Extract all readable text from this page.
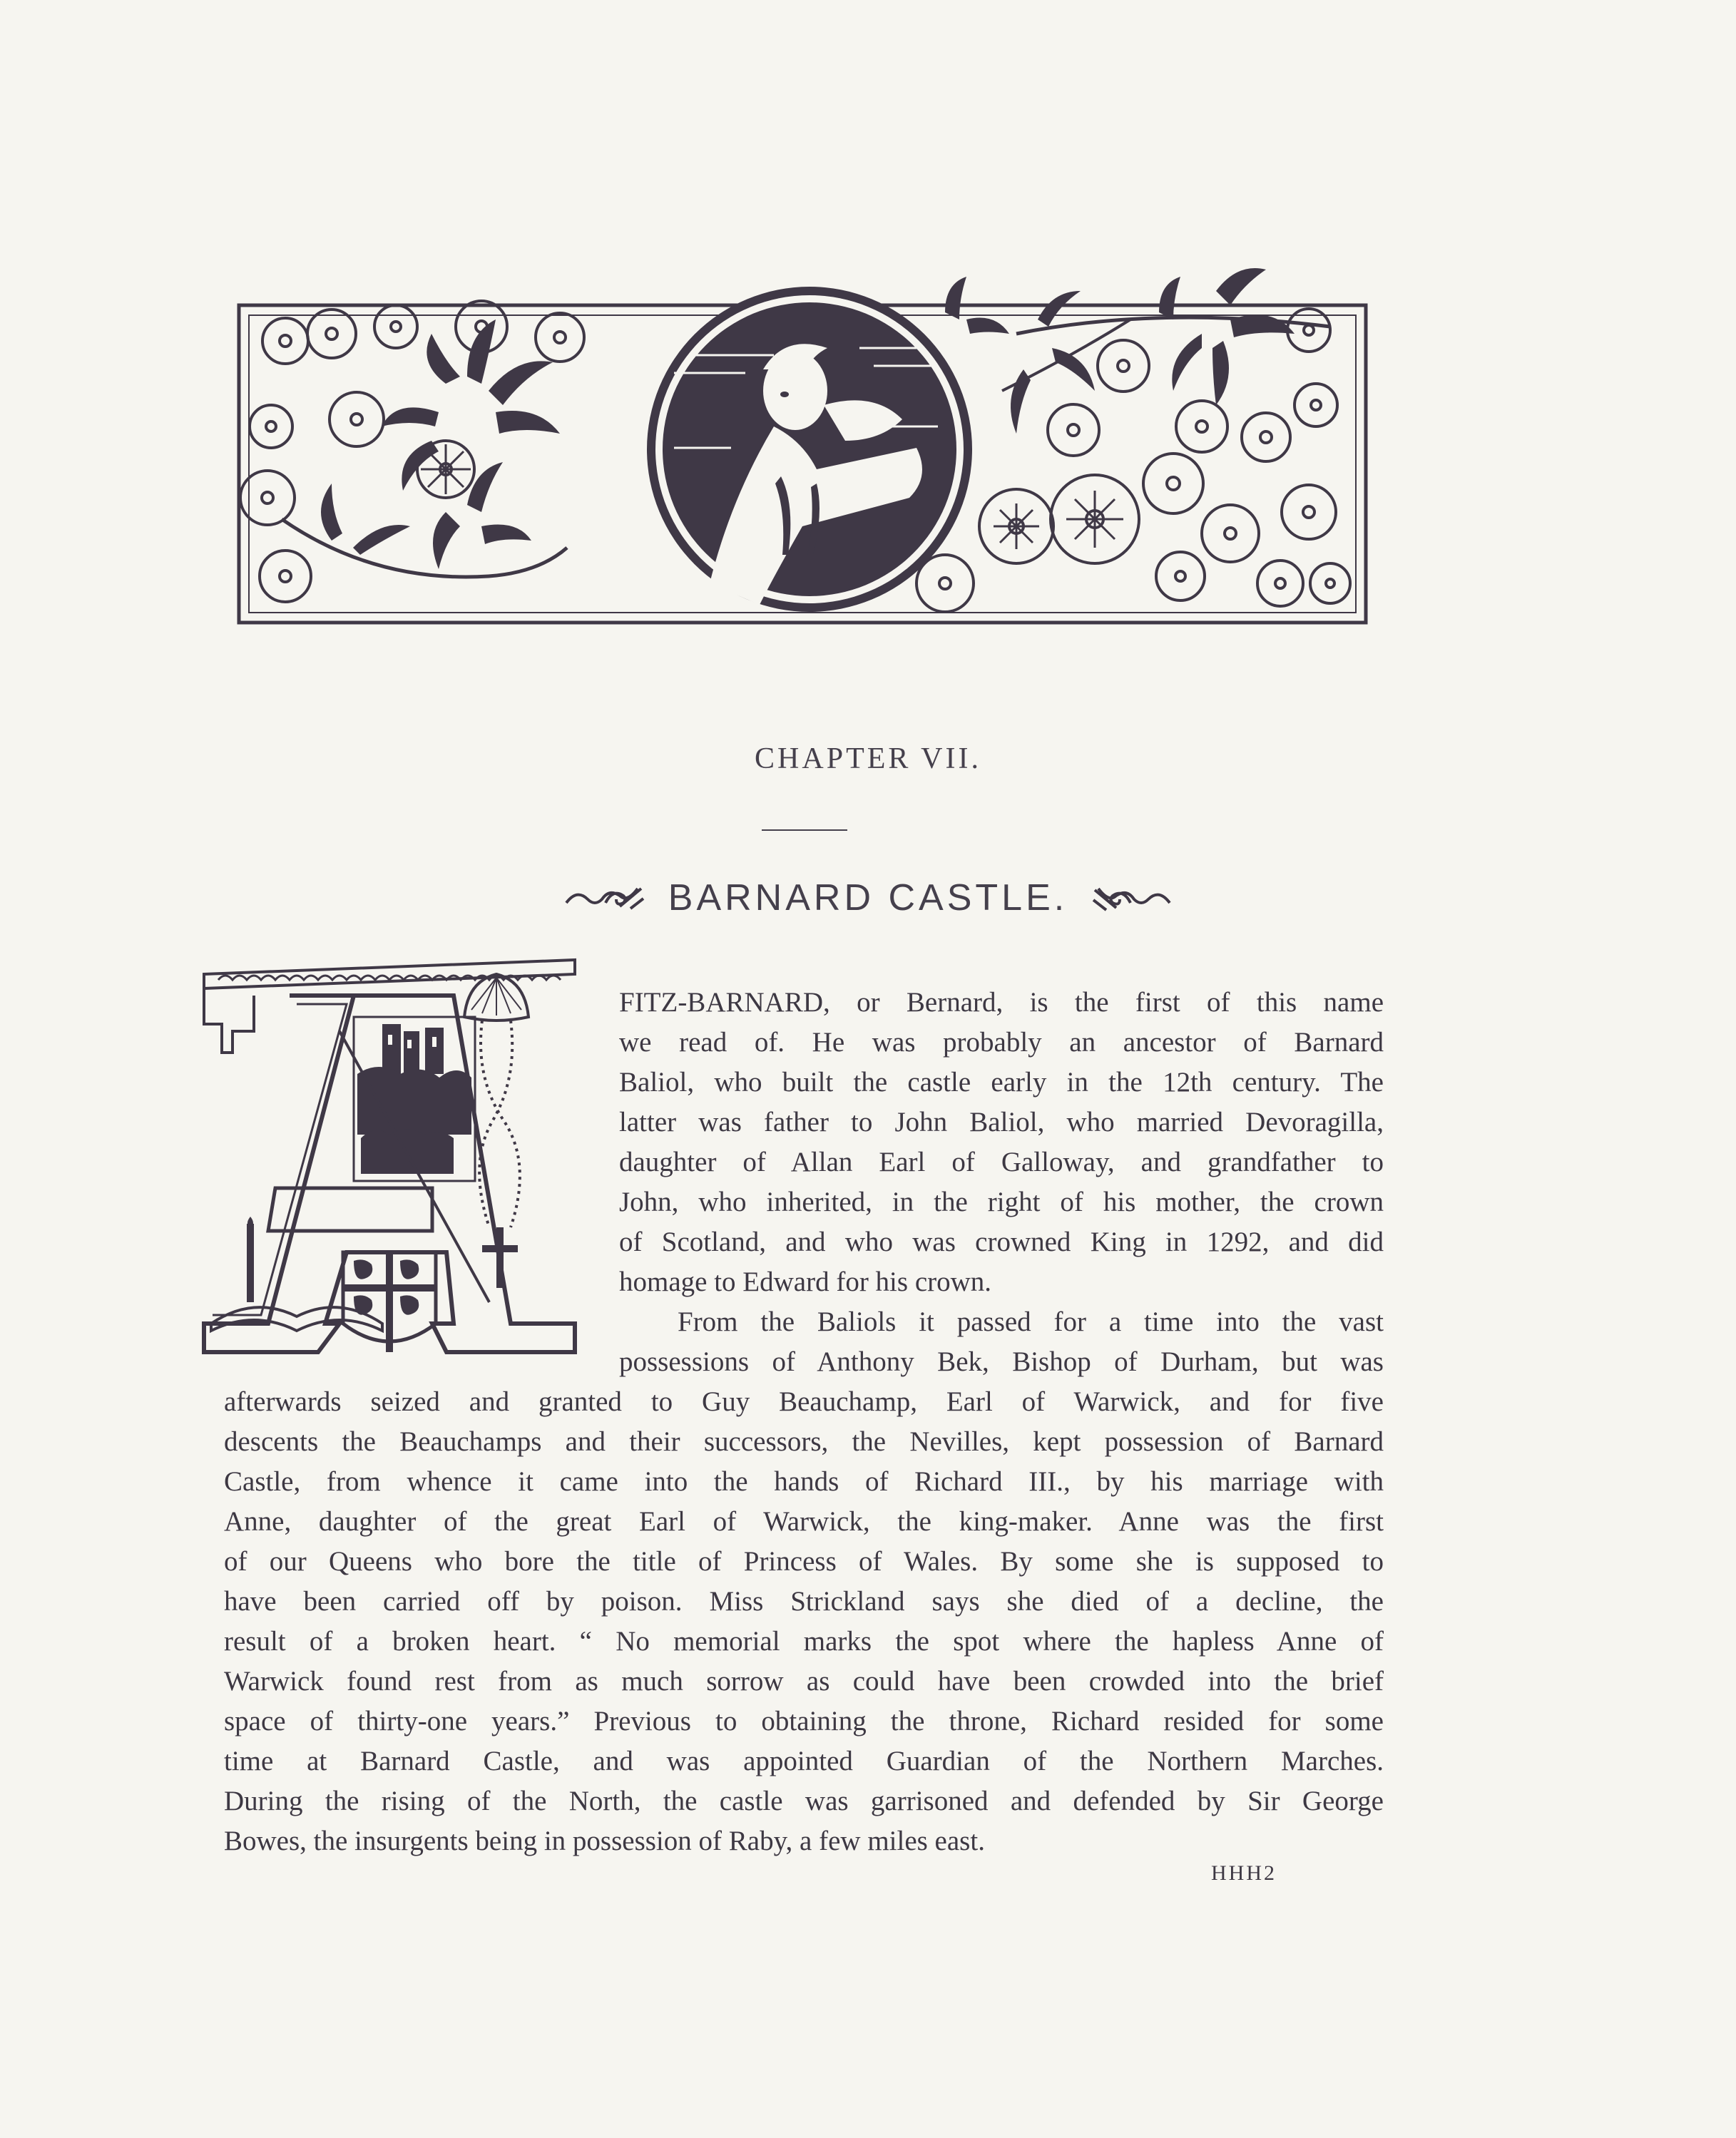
CHAPTER VII.
BARNARD CASTLE.
FITZ-BARNARD, or Bernard, is the first of this name
we read of. He was probably an ancestor of Barnard
Baliol, who built the castle early in the 12th century. The
latter was father to John Baliol, who married Devoragilla,
daughter of Allan Earl of Galloway, and grandfather to
John, who inherited, in the right of his mother, the crown
of Scotland, and who was crowned King in 1292, and did
homage to Edward for his crown.
From the Baliols it passed for a time into the vast
possessions of Anthony Bek, Bishop of Durham, but was
afterwards seized and granted to Guy Beauchamp, Earl of Warwick, and for five
descents the Beauchamps and their successors, the Nevilles, kept possession of Barnard
Castle, from whence it came into the hands of Richard III., by his marriage with
Anne, daughter of the great Earl of Warwick, the king-maker. Anne was the first
of our Queens who bore the title of Princess of Wales. By some she is supposed to
have been carried off by poison. Miss Strickland says she died of a decline, the
result of a broken heart. “ No memorial marks the spot where the hapless Anne of
Warwick found rest from as much sorrow as could have been crowded into the brief
space of thirty-one years.” Previous to obtaining the throne, Richard resided for some
time at Barnard Castle, and was appointed Guardian of the Northern Marches.
During the rising of the North, the castle was garrisoned and defended by Sir George
Bowes, the insurgents being in possession of Raby, a few miles east.
HHH2
